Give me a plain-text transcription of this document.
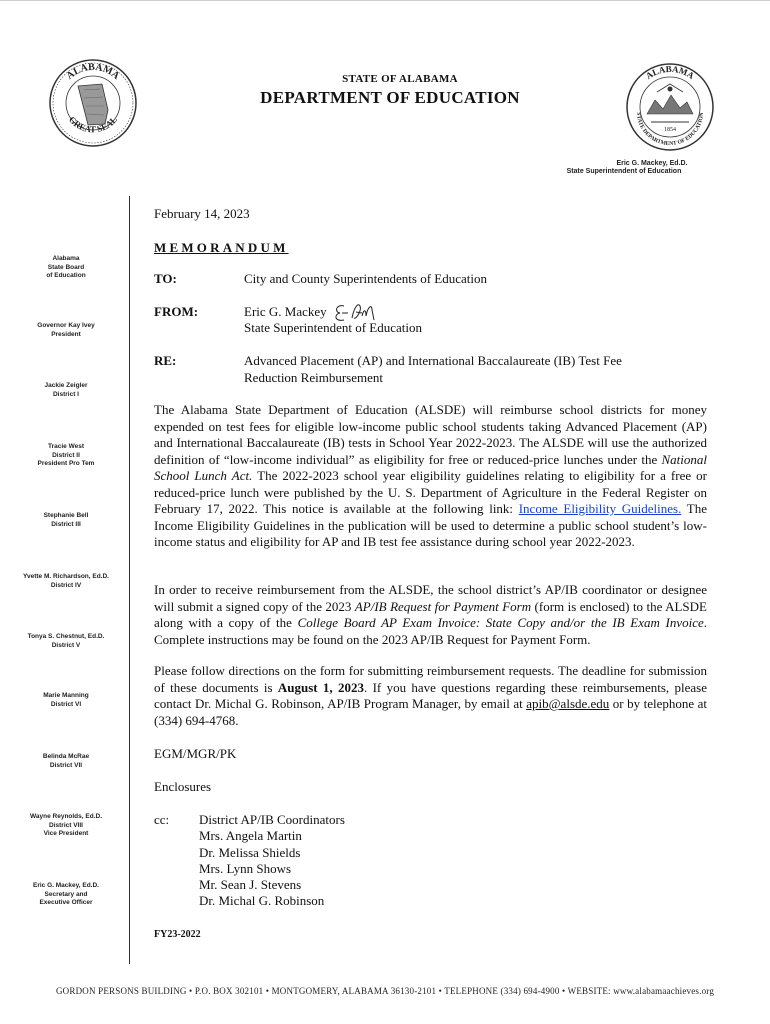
ALABAMA
GREAT SEAL
STATE OF ALABAMA
DEPARTMENT OF EDUCATION
ALABAMA
1854
STATE DEPARTMENT OF EDUCATION
Eric G. Mackey, Ed.D.
State Superintendent of Education
Alabama
State Board
of Education
Governor Kay Ivey
President
Jackie Zeigler
District I
Tracie West
District II
President Pro Tem
Stephanie Bell
District III
Yvette M. Richardson, Ed.D.
District IV
Tonya S. Chestnut, Ed.D.
District V
Marie Manning
District VI
Belinda McRae
District VII
Wayne Reynolds, Ed.D.
District VIII
Vice President
Eric G. Mackey, Ed.D.
Secretary and
Executive Officer
February 14, 2023
MEMORANDUM
TO:	City and County Superintendents of Education
FROM:	Eric G. Mackey
State Superintendent of Education
RE:	Advanced Placement (AP) and International Baccalaureate (IB) Test Fee
Reduction Reimbursement

The Alabama State Department of Education (ALSDE) will reimburse school districts for money expended on test fees for eligible low-income public school students taking Advanced Placement (AP) and International Baccalaureate (IB) tests in School Year 2022-2023. The ALSDE will use the authorized definition of “low-income individual” as eligibility for free or reduced-price lunches under the National School Lunch Act. The 2022-2023 school year eligibility guidelines relating to eligibility for a free or reduced-price lunch were published by the U. S. Department of Agriculture in the Federal Register on February 17, 2022. This notice is available at the following link: Income Eligibility Guidelines. The Income Eligibility Guidelines in the publication will be used to determine a public school student’s low-income status and eligibility for AP and IB test fee assistance during school year 2022-2023.

In order to receive reimbursement from the ALSDE, the school district’s AP/IB coordinator or designee will submit a signed copy of the 2023 AP/IB Request for Payment Form (form is enclosed) to the ALSDE along with a copy of the College Board AP Exam Invoice: State Copy and/or the IB Exam Invoice. Complete instructions may be found on the 2023 AP/IB Request for Payment Form.

Please follow directions on the form for submitting reimbursement requests. The deadline for submission of these documents is August 1, 2023. If you have questions regarding these reimbursements, please contact Dr. Michal G. Robinson, AP/IB Program Manager, by email at apib@alsde.edu or by telephone at (334) 694-4768.

EGM/MGR/PK
Enclosures
cc: District AP/IB Coordinators
Mrs. Angela Martin
Dr. Melissa Shields
Mrs. Lynn Shows
Mr. Sean J. Stevens
Dr. Michal G. Robinson
FY23-2022
GORDON PERSONS BUILDING • P.O. BOX 302101 • MONTGOMERY, ALABAMA 36130-2101 • TELEPHONE (334) 694-4900 • WEBSITE: www.alabamaachieves.org
